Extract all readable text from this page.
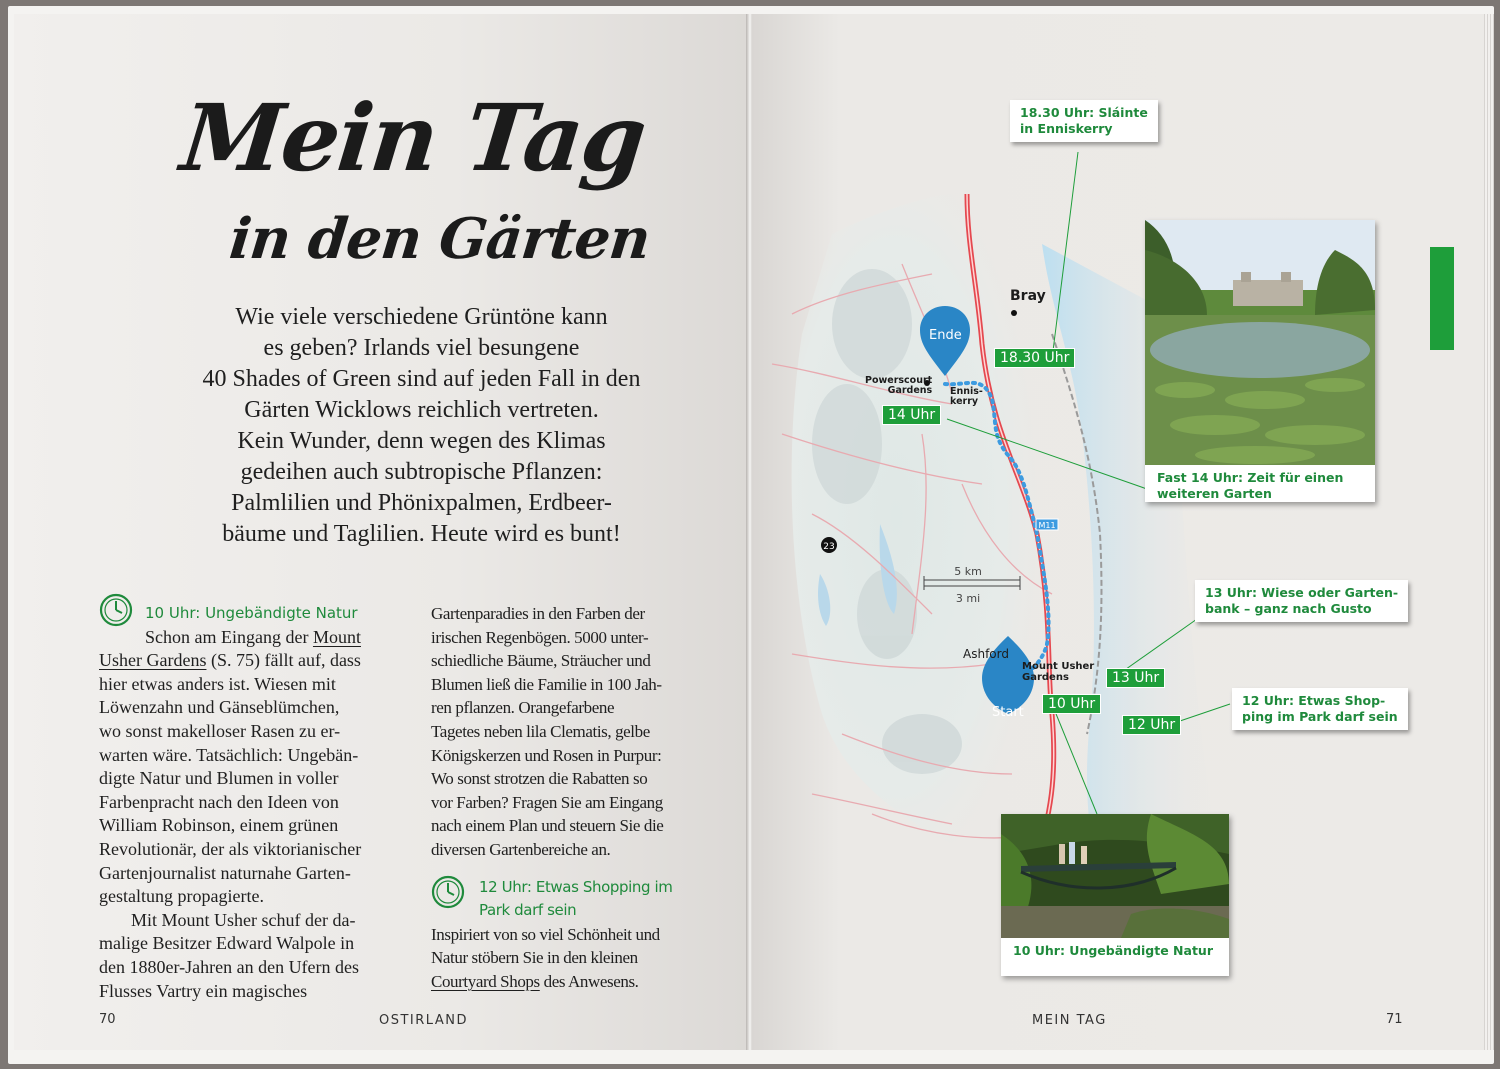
Mein Tag
in den Gärten
Wie viele verschiedene Grüntöne kann
es geben? Irlands viel besungene
40 Shades of Green sind auf jeden Fall in den
Gärten Wicklows reichlich vertreten.
Kein Wunder, denn wegen des Klimas
gedeihen auch subtropische Pflanzen:
Palmlilien und Phönixpalmen, Erdbeer-
bäume und Taglilien. Heute wird es bunt!
10 Uhr: Ungebändigte Natur
Schon am Eingang der Mount
Usher Gardens (S. 75) fällt auf, dass
hier etwas anders ist. Wiesen mit
Löwenzahn und Gänseblümchen,
wo sonst makelloser Rasen zu er-
warten wäre. Tatsächlich: Ungebän-
digte Natur und Blumen in voller
Farbenpracht nach den Ideen von
William Robinson, einem grünen
Revolutionär, der als viktorianischer
Gartenjournalist naturnahe Garten-
gestaltung propagierte.
Mit Mount Usher schuf der da-
malige Besitzer Edward Walpole in
den 1880er-Jahren an den Ufern des
Flusses Vartry ein magisches
Gartenparadies in den Farben der
irischen Regenbögen. 5000 unter-
schiedliche Bäume, Sträucher und
Blumen ließ die Familie in 100 Jah-
ren pflanzen. Orangefarbene
Tagetes neben lila Clematis, gelbe
Königskerzen und Rosen in Purpur:
Wo sonst strotzen die Rabatten so
vor Farben? Fragen Sie am Eingang
nach einem Plan und steuern Sie die
diversen Gartenbereiche an.
12 Uhr: Etwas Shopping im
Park darf sein
Inspiriert von so viel Schönheit und
Natur stöbern Sie in den kleinen
Courtyard Shops des Anwesens.
70	OSTIRLAND
23
M11
5 km
3 mi
Ende
Start
Bray
Powerscourt
Gardens Ennis-
kerry
Ashford
Mount Usher
Gardens
18.30 Uhr
14 Uhr
13 Uhr
12 Uhr
10 Uhr
18.30 Uhr: Sláinte
in Enniskerry
13 Uhr: Wiese oder Garten-
bank – ganz nach Gusto
12 Uhr: Etwas Shop-
ping im Park darf sein
Fast 14 Uhr: Zeit für einen
weiteren Garten
10 Uhr: Ungebändigte Natur
MEIN TAG	71
